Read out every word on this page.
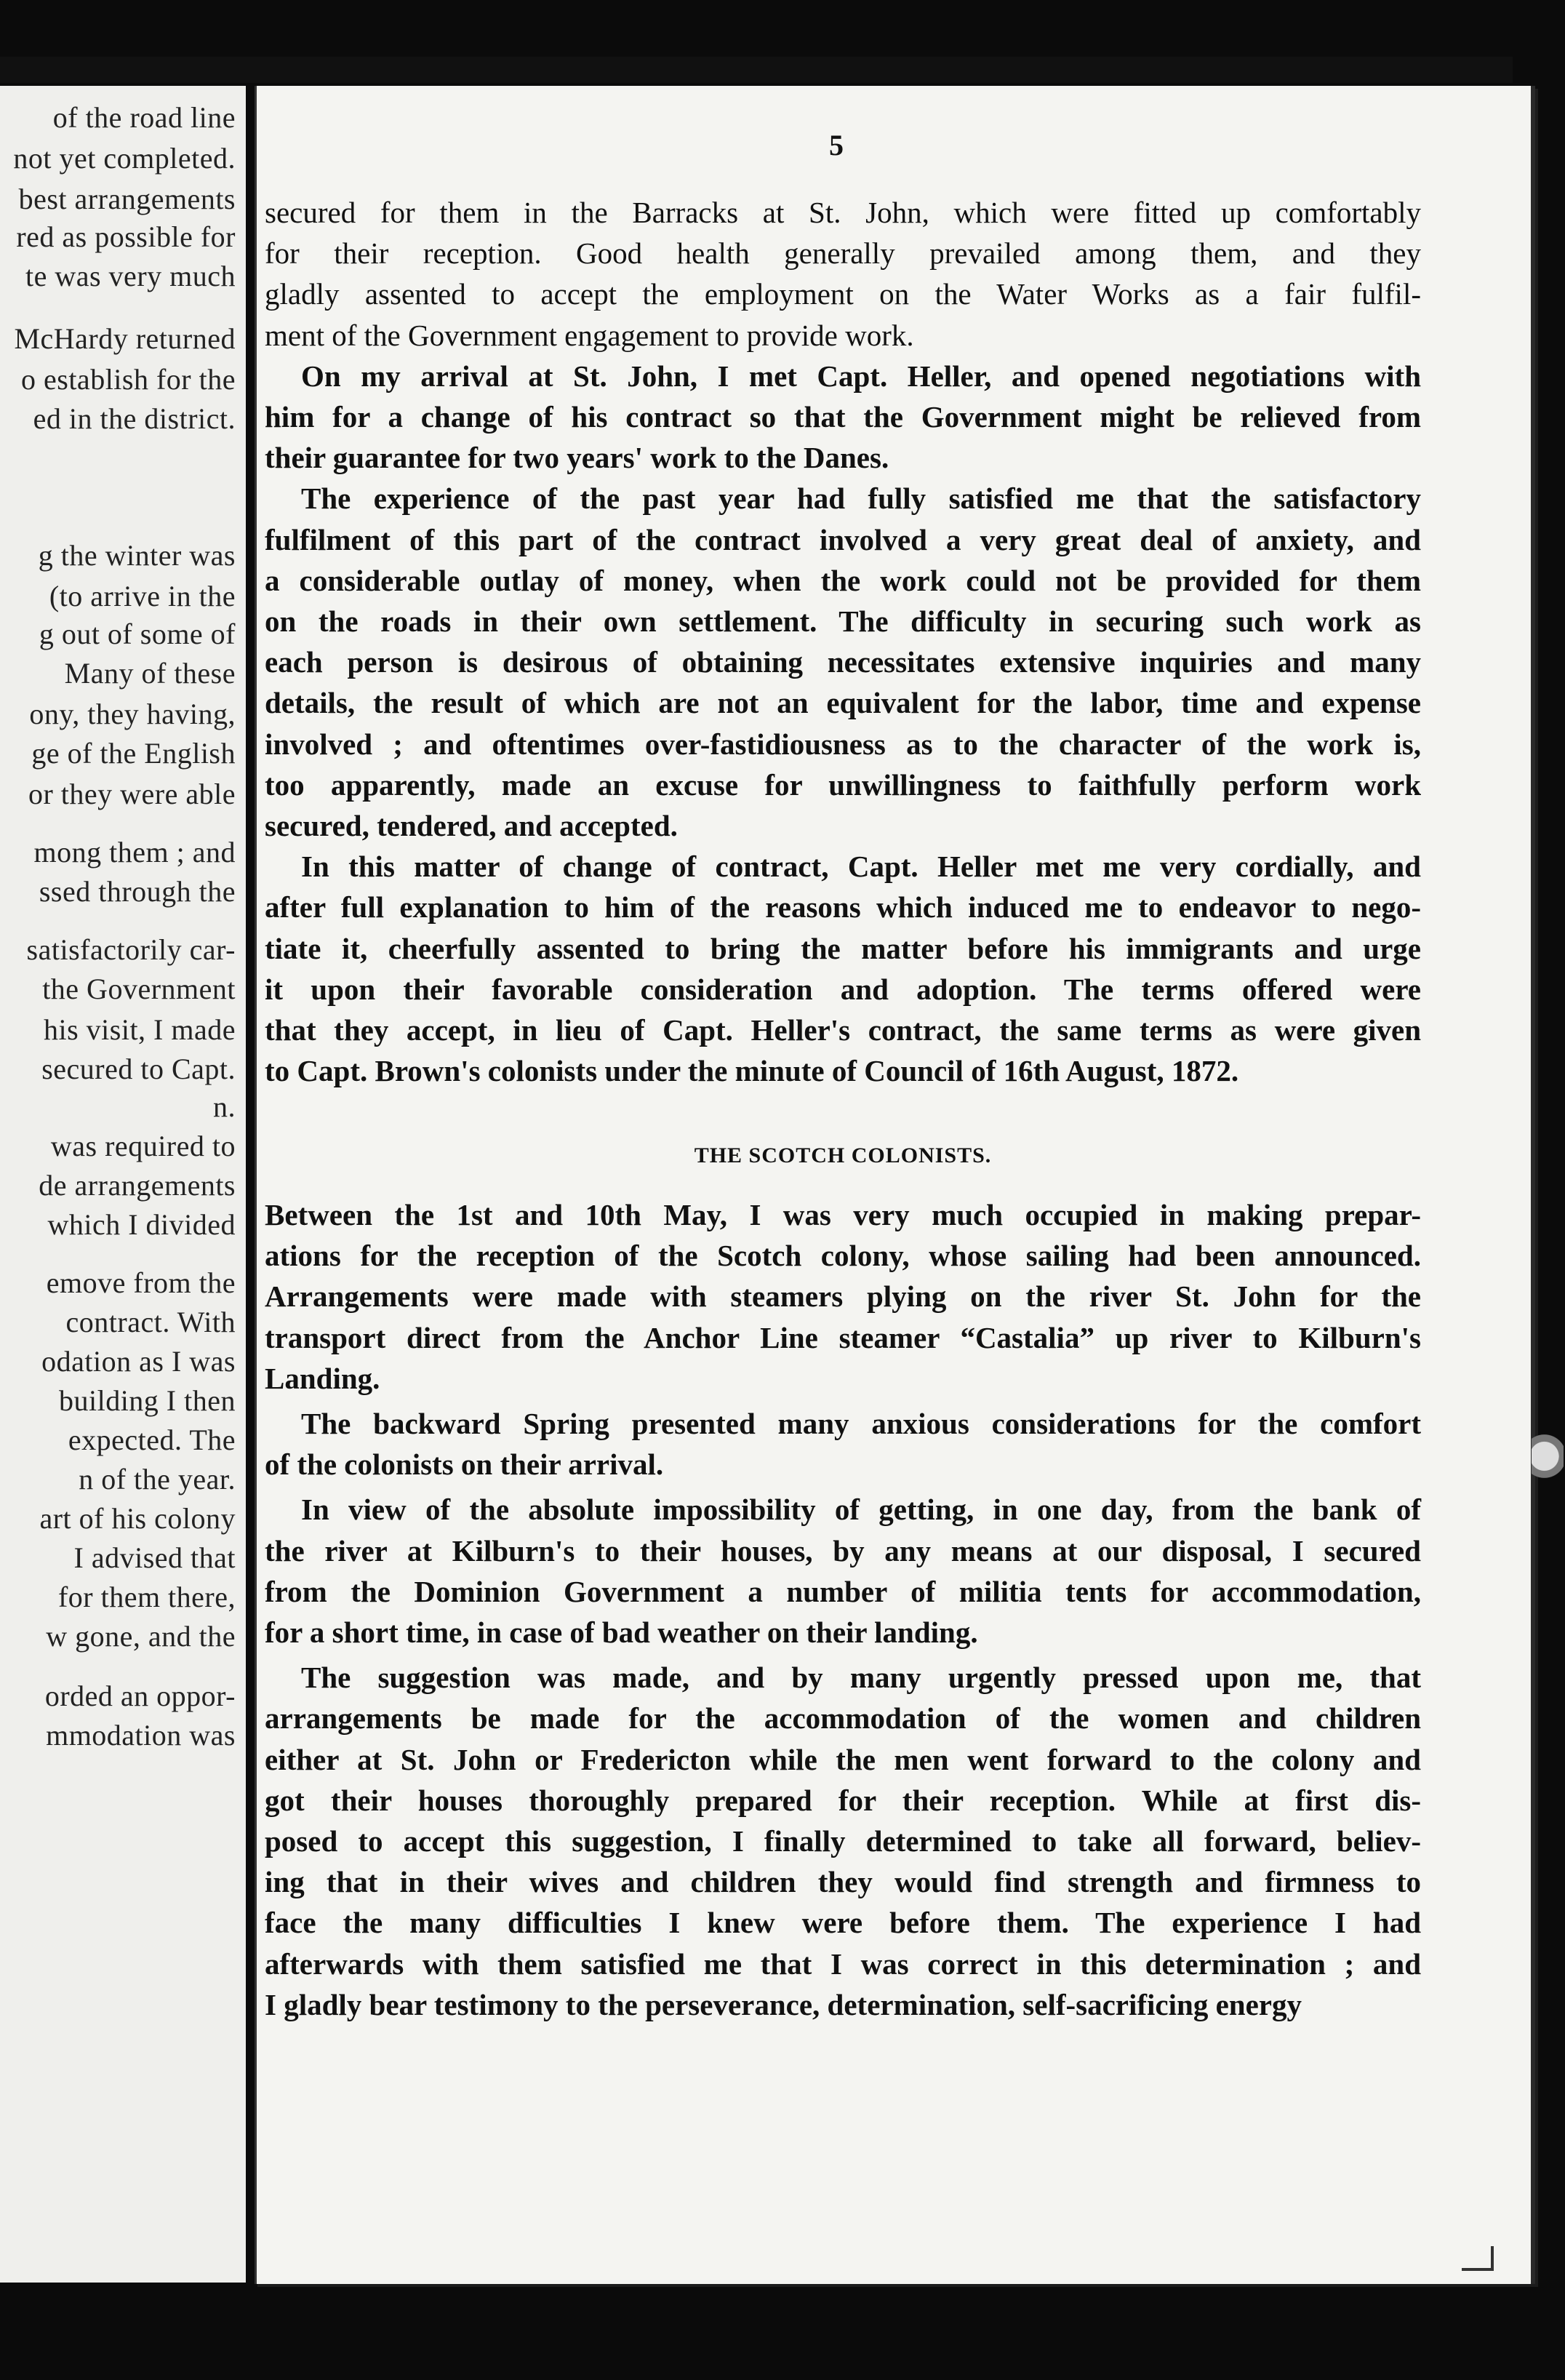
of the road line
not yet completed.
best arrangements
red as possible for
te was very much
McHardy returned
o establish for the
ed in the district.
g the winter was
(to arrive in the
g out of some of
Many of these
ony, they having,
ge of the English
or they were able
mong them ; and
ssed through the
satisfactorily car-
the Government
his visit, I made
secured to Capt.
n.
was required to
de arrangements
which I divided
emove from the
contract. With
odation as I was
building I then
expected. The
n of the year.
art of his colony
I advised that
for them there,
w gone, and the
orded an oppor-
mmodation was
5
secured for them in the Barracks at St. John, which were fitted up comfortably
for their reception. Good health generally prevailed among them, and they
gladly assented to accept the employment on the Water Works as a fair fulfil-
ment of the Government engagement to provide work.
On my arrival at St. John, I met Capt. Heller, and opened negotiations with
him for a change of his contract so that the Government might be relieved from
their guarantee for two years' work to the Danes.
The experience of the past year had fully satisfied me that the satisfactory
fulfilment of this part of the contract involved a very great deal of anxiety, and
a considerable outlay of money, when the work could not be provided for them
on the roads in their own settlement. The difficulty in securing such work as
each person is desirous of obtaining necessitates extensive inquiries and many
details, the result of which are not an equivalent for the labor, time and expense
involved ; and oftentimes over-fastidiousness as to the character of the work is,
too apparently, made an excuse for unwillingness to faithfully perform work
secured, tendered, and accepted.
In this matter of change of contract, Capt. Heller met me very cordially, and
after full explanation to him of the reasons which induced me to endeavor to nego-
tiate it, cheerfully assented to bring the matter before his immigrants and urge
it upon their favorable consideration and adoption. The terms offered were
that they accept, in lieu of Capt. Heller's contract, the same terms as were given
to Capt. Brown's colonists under the minute of Council of 16th August, 1872.
THE SCOTCH COLONISTS.
Between the 1st and 10th May, I was very much occupied in making prepar-
ations for the reception of the Scotch colony, whose sailing had been announced.
Arrangements were made with steamers plying on the river St. John for the
transport direct from the Anchor Line steamer “Castalia” up river to Kilburn's
Landing.
The backward Spring presented many anxious considerations for the comfort
of the colonists on their arrival.
In view of the absolute impossibility of getting, in one day, from the bank of
the river at Kilburn's to their houses, by any means at our disposal, I secured
from the Dominion Government a number of militia tents for accommodation,
for a short time, in case of bad weather on their landing.
The suggestion was made, and by many urgently pressed upon me, that
arrangements be made for the accommodation of the women and children
either at St. John or Fredericton while the men went forward to the colony and
got their houses thoroughly prepared for their reception. While at first dis-
posed to accept this suggestion, I finally determined to take all forward, believ-
ing that in their wives and children they would find strength and firmness to
face the many difficulties I knew were before them. The experience I had
afterwards with them satisfied me that I was correct in this determination ; and
I gladly bear testimony to the perseverance, determination, self-sacrificing energy
